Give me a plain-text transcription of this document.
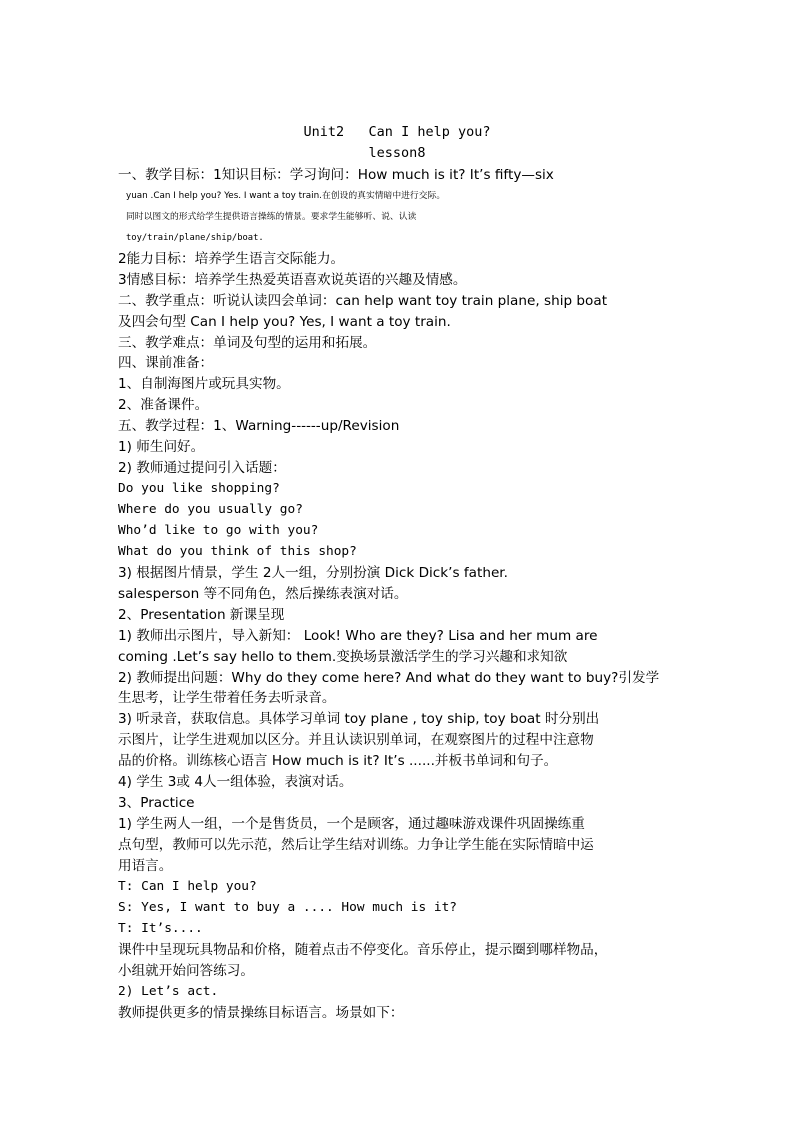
Unit2   Can I help you?
lesson8
一、教学目标：1知识目标：学习询问：How much is it? It’s fifty—six
yuan .Can I help you? Yes. I want a toy train.在创设的真实情暗中进行交际。
同时以图文的形式给学生提供语言操练的情景。要求学生能够听、说、认读
toy/train/plane/ship/boat.
2能力目标：培养学生语言交际能力。
3情感目标：培养学生热爱英语喜欢说英语的兴趣及情感。
二、教学重点：听说认读四会单词：can help want toy train plane, ship boat
及四会句型 Can I help you? Yes, I want a toy train.
三、教学难点：单词及句型的运用和拓展。
四、课前准备：
1、自制海图片或玩具实物。
2、准备课件。
五、教学过程：1、Warning------up/Revision
1) 师生问好。
2) 教师通过提问引入话题：
Do you like shopping?
Where do you usually go?
Who’d like to go with you?
What do you think of this shop?
3) 根据图片情景，学生 2人一组，分别扮演 Dick Dick’s father.
salesperson 等不同角色，然后操练表演对话。
2、Presentation 新课呈现
1) 教师出示图片，导入新知： Look! Who are they? Lisa and her mum are
coming .Let’s say hello to them.变换场景激活学生的学习兴趣和求知欲
2) 教师提出问题：Why do they come here? And what do they want to buy?引发学
生思考，让学生带着任务去听录音。
3) 听录音，获取信息。具体学习单词 toy plane , toy ship, toy boat 时分别出
示图片，让学生进观加以区分。并且认读识别单词，在观察图片的过程中注意物
品的价格。训练核心语言 How much is it? It’s ......并板书单词和句子。
4) 学生 3或 4人一组体验，表演对话。
3、Practice
1) 学生两人一组，一个是售货员，一个是顾客，通过趣味游戏课件巩固操练重
点句型，教师可以先示范，然后让学生结对训练。力争让学生能在实际情暗中运
用语言。
T: Can I help you?
S: Yes, I want to buy a .... How much is it?
T: It’s....
课件中呈现玩具物品和价格，随着点击不停变化。音乐停止，提示圈到哪样物品，
小组就开始问答练习。
2) Let’s act.
教师提供更多的情景操练目标语言。场景如下：
